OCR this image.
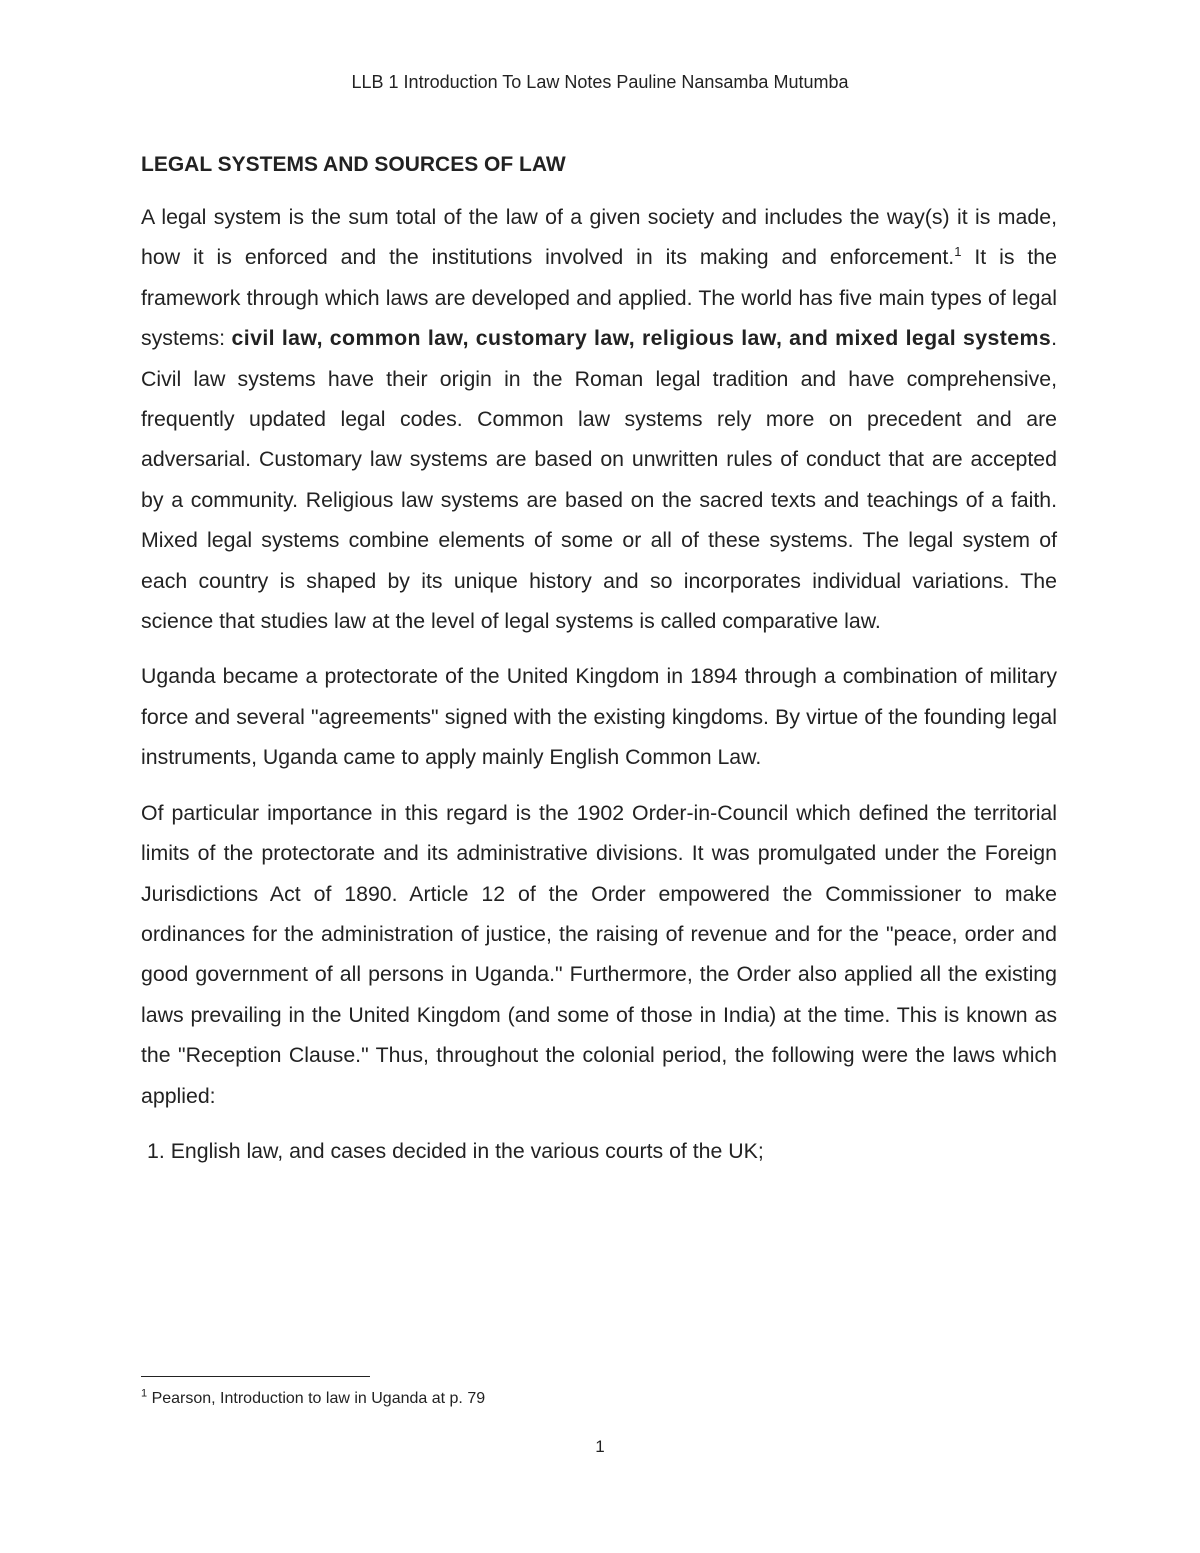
LLB 1 Introduction To Law Notes Pauline Nansamba Mutumba
LEGAL SYSTEMS AND SOURCES OF LAW

A legal system is the sum total of the law of a given society and includes the way(s) it is made, how it is enforced and the institutions involved in its making and enforcement.$^1$ It is the framework through which laws are developed and applied. The world has five main types of legal systems: civil law, common law, customary law, religious law, and mixed legal systems. Civil law systems have their origin in the Roman legal tradition and have comprehensive, frequently updated legal codes. Common law systems rely more on precedent and are adversarial. Customary law systems are based on unwritten rules of conduct that are accepted by a community. Religious law systems are based on the sacred texts and teachings of a faith. Mixed legal systems combine elements of some or all of these systems. The legal system of each country is shaped by its unique history and so incorporates individual variations. The science that studies law at the level of legal systems is called comparative law.

Uganda became a protectorate of the United Kingdom in 1894 through a combination of military force and several "agreements" signed with the existing kingdoms. By virtue of the founding legal instruments, Uganda came to apply mainly English Common Law.

Of particular importance in this regard is the 1902 Order-in-Council which defined the territorial limits of the protectorate and its administrative divisions. It was promulgated under the Foreign Jurisdictions Act of 1890. Article 12 of the Order empowered the Commissioner to make ordinances for the administration of justice, the raising of revenue and for the "peace, order and good government of all persons in Uganda." Furthermore, the Order also applied all the existing laws prevailing in the United Kingdom (and some of those in India) at the time. This is known as the "Reception Clause." Thus, throughout the colonial period, the following were the laws which applied:

1. English law, and cases decided in the various courts of the UK;
$^1$ Pearson, Introduction to law in Uganda at p. 79
1
